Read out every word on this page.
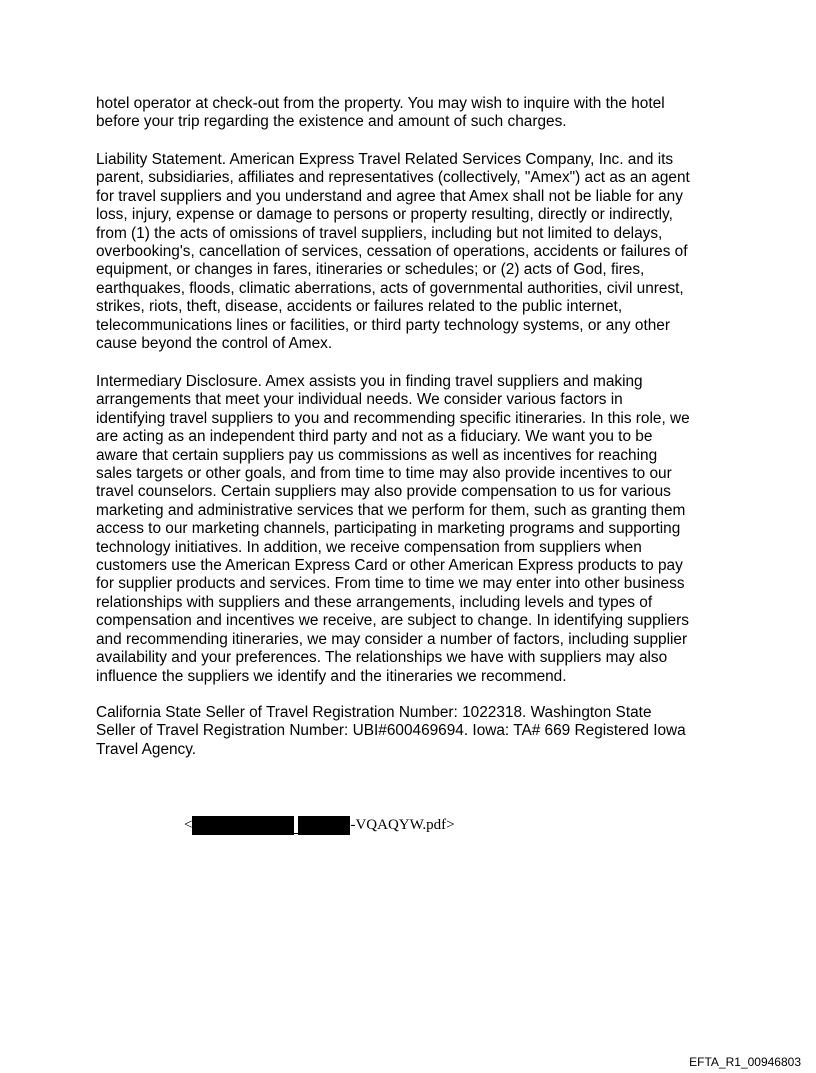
hotel operator at check-out from the property. You may wish to inquire with the hotel
before your trip regarding the existence and amount of such charges.

Liability Statement. American Express Travel Related Services Company, Inc. and its
parent, subsidiaries, affiliates and representatives (collectively, "Amex") act as an agent
for travel suppliers and you understand and agree that Amex shall not be liable for any
loss, injury, expense or damage to persons or property resulting, directly or indirectly,
from (1) the acts of omissions of travel suppliers, including but not limited to delays,
overbooking's, cancellation of services, cessation of operations, accidents or failures of
equipment, or changes in fares, itineraries or schedules; or (2) acts of God, fires,
earthquakes, floods, climatic aberrations, acts of governmental authorities, civil unrest,
strikes, riots, theft, disease, accidents or failures related to the public internet,
telecommunications lines or facilities, or third party technology systems, or any other
cause beyond the control of Amex.

Intermediary Disclosure. Amex assists you in finding travel suppliers and making
arrangements that meet your individual needs. We consider various factors in
identifying travel suppliers to you and recommending specific itineraries. In this role, we
are acting as an independent third party and not as a fiduciary. We want you to be
aware that certain suppliers pay us commissions as well as incentives for reaching
sales targets or other goals, and from time to time may also provide incentives to our
travel counselors. Certain suppliers may also provide compensation to us for various
marketing and administrative services that we perform for them, such as granting them
access to our marketing channels, participating in marketing programs and supporting
technology initiatives. In addition, we receive compensation from suppliers when
customers use the American Express Card or other American Express products to pay
for supplier products and services. From time to time we may enter into other business
relationships with suppliers and these arrangements, including levels and types of
compensation and incentives we receive, are subject to change. In identifying suppliers
and recommending itineraries, we may consider a number of factors, including supplier
availability and your preferences. The relationships we have with suppliers may also
influence the suppliers we identify and the itineraries we recommend.

California State Seller of Travel Registration Number: 1022318. Washington State
Seller of Travel Registration Number: UBI#600469694. Iowa: TA# 669 Registered Iowa
Travel Agency.

<	-VQAQYW.pdf>
EFTA_R1_00946803
